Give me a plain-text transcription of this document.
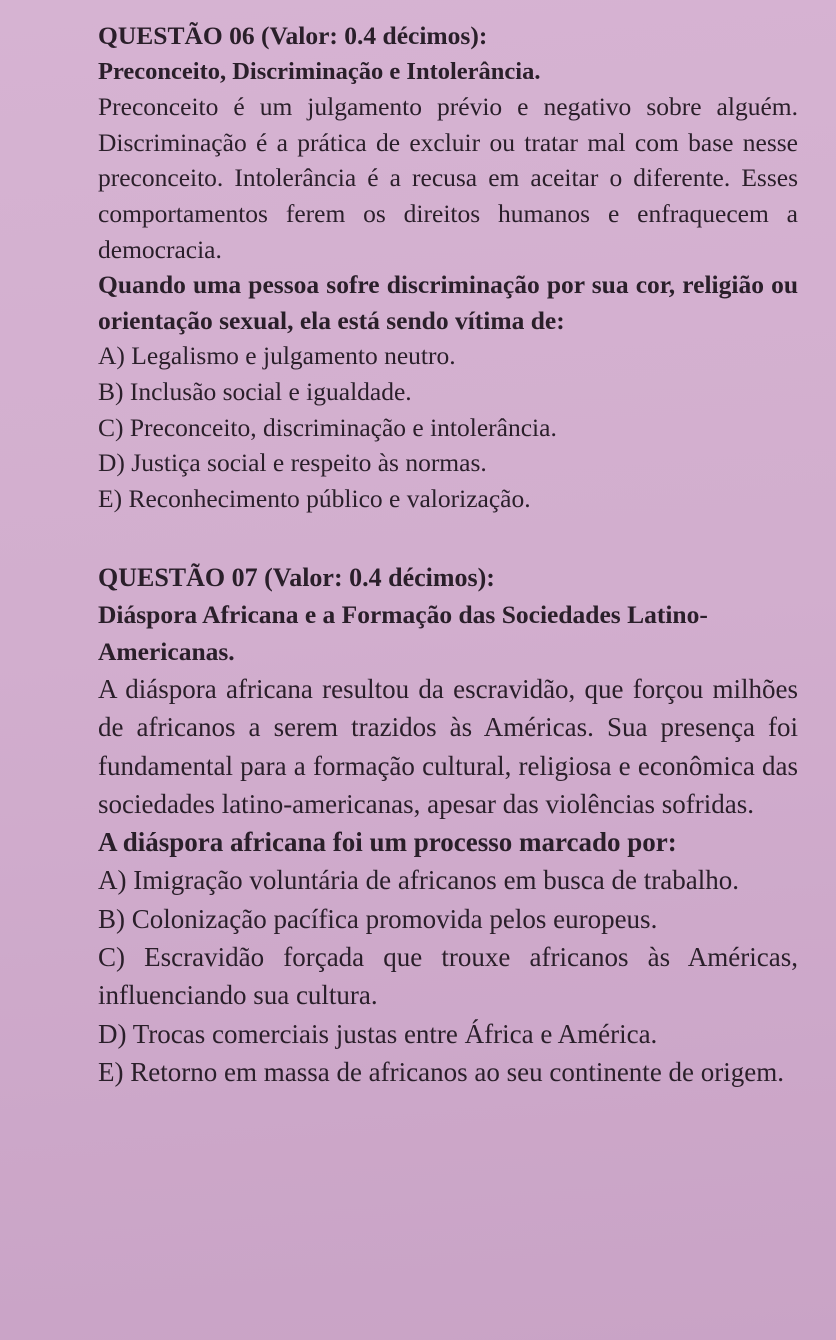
QUESTÃO 06 (Valor: 0.4 décimos):

Preconceito, Discriminação e Intolerância.

Preconceito é um julgamento prévio e negativo sobre alguém. Discriminação é a prática de excluir ou tratar mal com base nesse preconceito. Intolerância é a recusa em aceitar o diferente. Esses comportamentos ferem os direitos humanos e enfraquecem a democracia.

Quando uma pessoa sofre discriminação por sua cor, religião ou orientação sexual, ela está sendo vítima de:

A) Legalismo e julgamento neutro.
B) Inclusão social e igualdade.
C) Preconceito, discriminação e intolerância.
D) Justiça social e respeito às normas.
E) Reconhecimento público e valorização.

QUESTÃO 07 (Valor: 0.4 décimos):

Diáspora Africana e a Formação das Sociedades Latino-Americanas.

A diáspora africana resultou da escravidão, que forçou milhões de africanos a serem trazidos às Américas. Sua presença foi fundamental para a formação cultural, religiosa e econômica das sociedades latino-americanas, apesar das violências sofridas.

A diáspora africana foi um processo marcado por:

A) Imigração voluntária de africanos em busca de trabalho.
B) Colonização pacífica promovida pelos europeus.
C) Escravidão forçada que trouxe africanos às Américas, influenciando sua cultura.
D) Trocas comerciais justas entre África e América.
E) Retorno em massa de africanos ao seu continente de origem.
